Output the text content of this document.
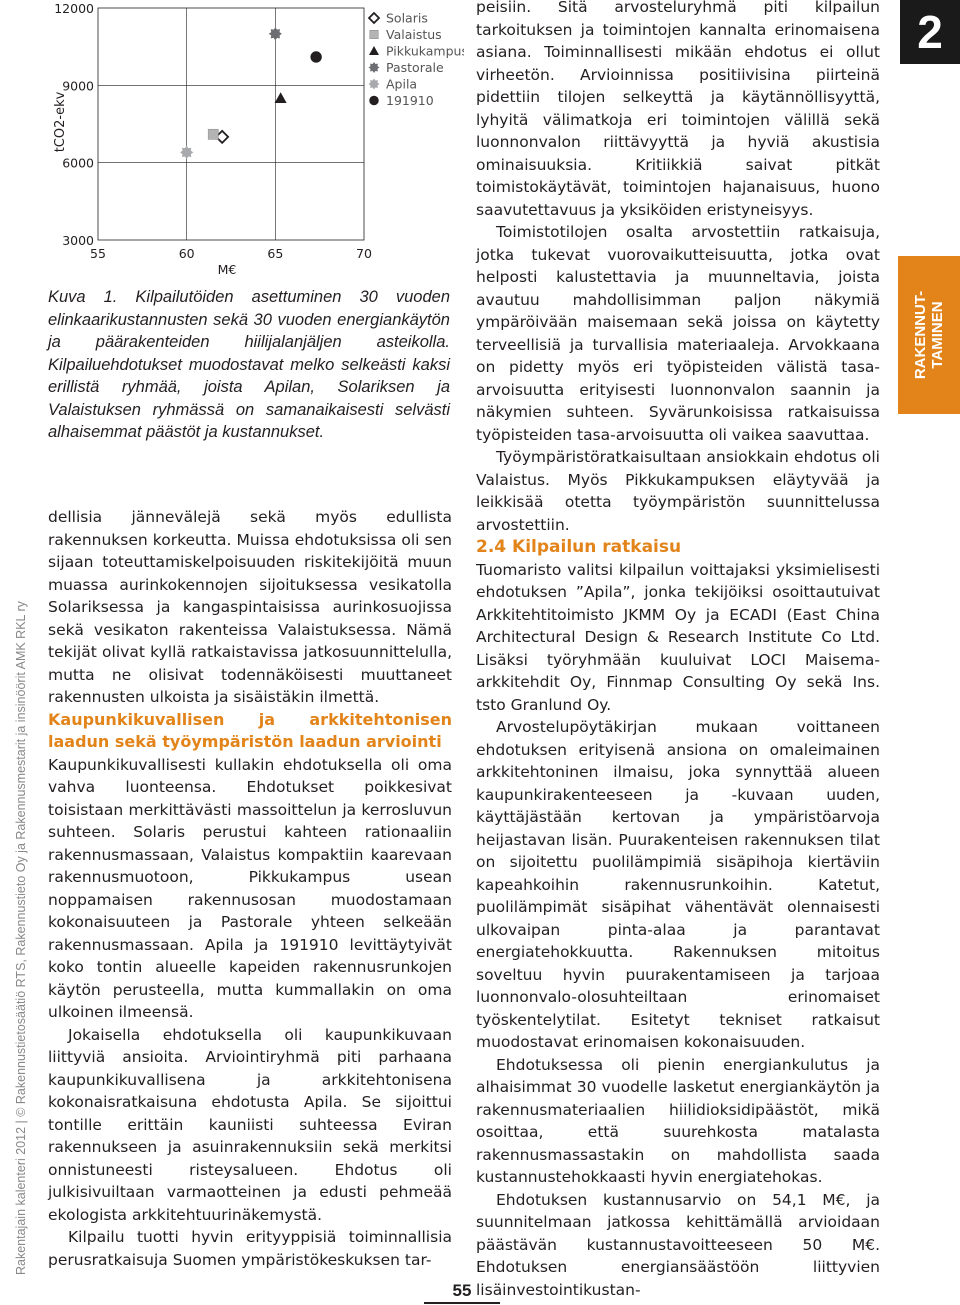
Rakentajain kalenteri 2012 | © Rakennustietosäätiö RTS, Rakennustieto Oy ja Rakennusmestarit ja insinöörit AMK RKL ry
12000
9000
6000
3000
55	60	65	70
M€
tCO2-ekv
Solaris
Valaistus
Pikkukampus
Pastorale
Apila
191910
Kuva 1. Kilpailutöiden asettuminen 30 vuoden elinkaarikustannusten sekä 30 vuoden energiankäytön ja päärakenteiden hiilijalanjäljen asteikolla. Kilpailuehdotukset muodostavat melko selkeästi kaksi erillistä ryhmää, joista Apilan, Solariksen ja Valaistuksen ryhmässä on samanaikaisesti selvästi alhaisemmat päästöt ja kustannukset.

dellisia jännevälejä sekä myös edullista rakennuksen korkeutta. Muissa ehdotuksissa oli sen sijaan toteuttamiskelpoisuuden riskitekijöitä muun muassa aurinkokennojen sijoituksessa vesikatolla Solariksessa ja kangaspintaisissa aurinkosuojissa sekä vesikaton rakenteissa Valaistuksessa. Nämä tekijät olivat kyllä ratkaistavissa jatkosuunnittelulla, mutta ne olisivat todennäköisesti muuttaneet rakennusten ulkoista ja sisäistäkin ilmettä.

Kaupunkikuvallisen ja arkkitehtonisen laadun sekä työympäristön laadun arviointi

Kaupunkikuvallisesti kullakin ehdotuksella oli oma vahva luonteensa. Ehdotukset poikkesivat toisistaan merkittävästi massoittelun ja kerrosluvun suhteen. Solaris perustui kahteen rationaaliin rakennusmassaan, Valaistus kompaktiin kaarevaan rakennusmuotoon, Pikkukampus usean noppamaisen rakennusosan muodostamaan kokonaisuuteen ja Pastorale yhteen selkeään rakennusmassaan. Apila ja 191910 levittäytyivät koko tontin alueelle kapeiden rakennusrunkojen käytön perusteella, mutta kummallakin on oma ulkoinen ilmeensä.

Jokaisella ehdotuksella oli kaupunkikuvaan liittyviä ansioita. Arviointiryhmä piti parhaana kaupunkikuvallisena ja arkkitehtonisena kokonaisratkaisuna ehdotusta Apila. Se sijoittui tontille erittäin kauniisti suhteessa Eviran rakennukseen ja asuinrakennuksiin sekä merkitsi onnistuneesti risteysalueen. Ehdotus oli julkisivuiltaan varmaotteinen ja edusti pehmeää ekologista arkkitehtuurinäkemystä.

Kilpailu tuotti hyvin erityyppisiä toiminnallisia perusratkaisuja Suomen ympäristökeskuksen tar-

peisiin. Sitä arvosteluryhmä piti kilpailun tarkoituksen ja toimintojen kannalta erinomaisena asiana. Toiminnallisesti mikään ehdotus ei ollut virheetön. Arvioinnissa positiivisina piirteinä pidettiin tilojen selkeyttä ja käytännöllisyyttä, lyhyitä välimatkoja eri toimintojen välillä sekä luonnonvalon riittävyyttä ja hyviä akustisia ominaisuuksia. Kritiikkiä saivat pitkät toimistokäytävät, toimintojen hajanaisuus, huono saavutettavuus ja yksiköiden eristyneisyys.

Toimistotilojen osalta arvostettiin ratkaisuja, jotka tukevat vuorovaikutteisuutta, jotka ovat helposti kalustettavia ja muunneltavia, joista avautuu mahdollisimman paljon näkymiä ympäröivään maisemaan sekä joissa on käytetty terveellisiä ja turvallisia materiaaleja. Arvokkaana on pidetty myös eri työpisteiden välistä tasa-arvoisuutta erityisesti luonnonvalon saannin ja näkymien suhteen. Syvärunkoisissa ratkaisuissa työpisteiden tasa-arvoisuutta oli vaikea saavuttaa.

Työympäristöratkaisultaan ansiokkain ehdotus oli Valaistus. Myös Pikkukampuksen eläytyvää ja leikkisää otetta työympäristön suunnittelussa arvostettiin.

2.4 Kilpailun ratkaisu

Tuomaristo valitsi kilpailun voittajaksi yksimielisesti ehdotuksen ”Apila”, jonka tekijöiksi osoittautuivat Arkkitehtitoimisto JKMM Oy ja ECADI (East China Architectural Design & Research Institute Co Ltd. Lisäksi työryhmään kuuluivat LOCI Maisema-arkkitehdit Oy, Finnmap Consulting Oy sekä Ins. tsto Granlund Oy.

Arvostelupöytäkirjan mukaan voittaneen ehdotuksen erityisenä ansiona on omaleimainen arkkitehtoninen ilmaisu, joka synnyttää alueen kaupunkirakenteeseen ja -kuvaan uuden, käyttäjästään kertovan ja ympäristöarvoja heijastavan lisän. Puurakenteisen rakennuksen tilat on sijoitettu puolilämpimiä sisäpihoja kiertäviin kapeahkoihin rakennusrunkoihin. Katetut, puolilämpimät sisäpihat vähentävät olennaisesti ulkovaipan pinta-alaa ja parantavat energiatehokkuutta. Rakennuksen mitoitus soveltuu hyvin puurakentamiseen ja tarjoaa luonnonvalo-olosuhteiltaan erinomaiset työskentelytilat. Esitetyt tekniset ratkaisut muodostavat erinomaisen kokonaisuuden.

Ehdotuksessa oli pienin energiankulutus ja alhaisimmat 30 vuodelle lasketut energiankäytön ja rakennusmateriaalien hiilidioksidipäästöt, mikä osoittaa, että suurehkosta matalasta rakennusmassastakin on mahdollista saada kustannustehokkaasti hyvin energiatehokas.

Ehdotuksen kustannusarvio on 54,1 M€, ja suunnitelmaan jatkossa kehittämällä arvioidaan päästävän kustannustavoitteeseen 50 M€. Ehdotuksen energiansäästöön liittyvien lisäinvestointikustan-

2
RAKENNUT-
TAMINEN
55
